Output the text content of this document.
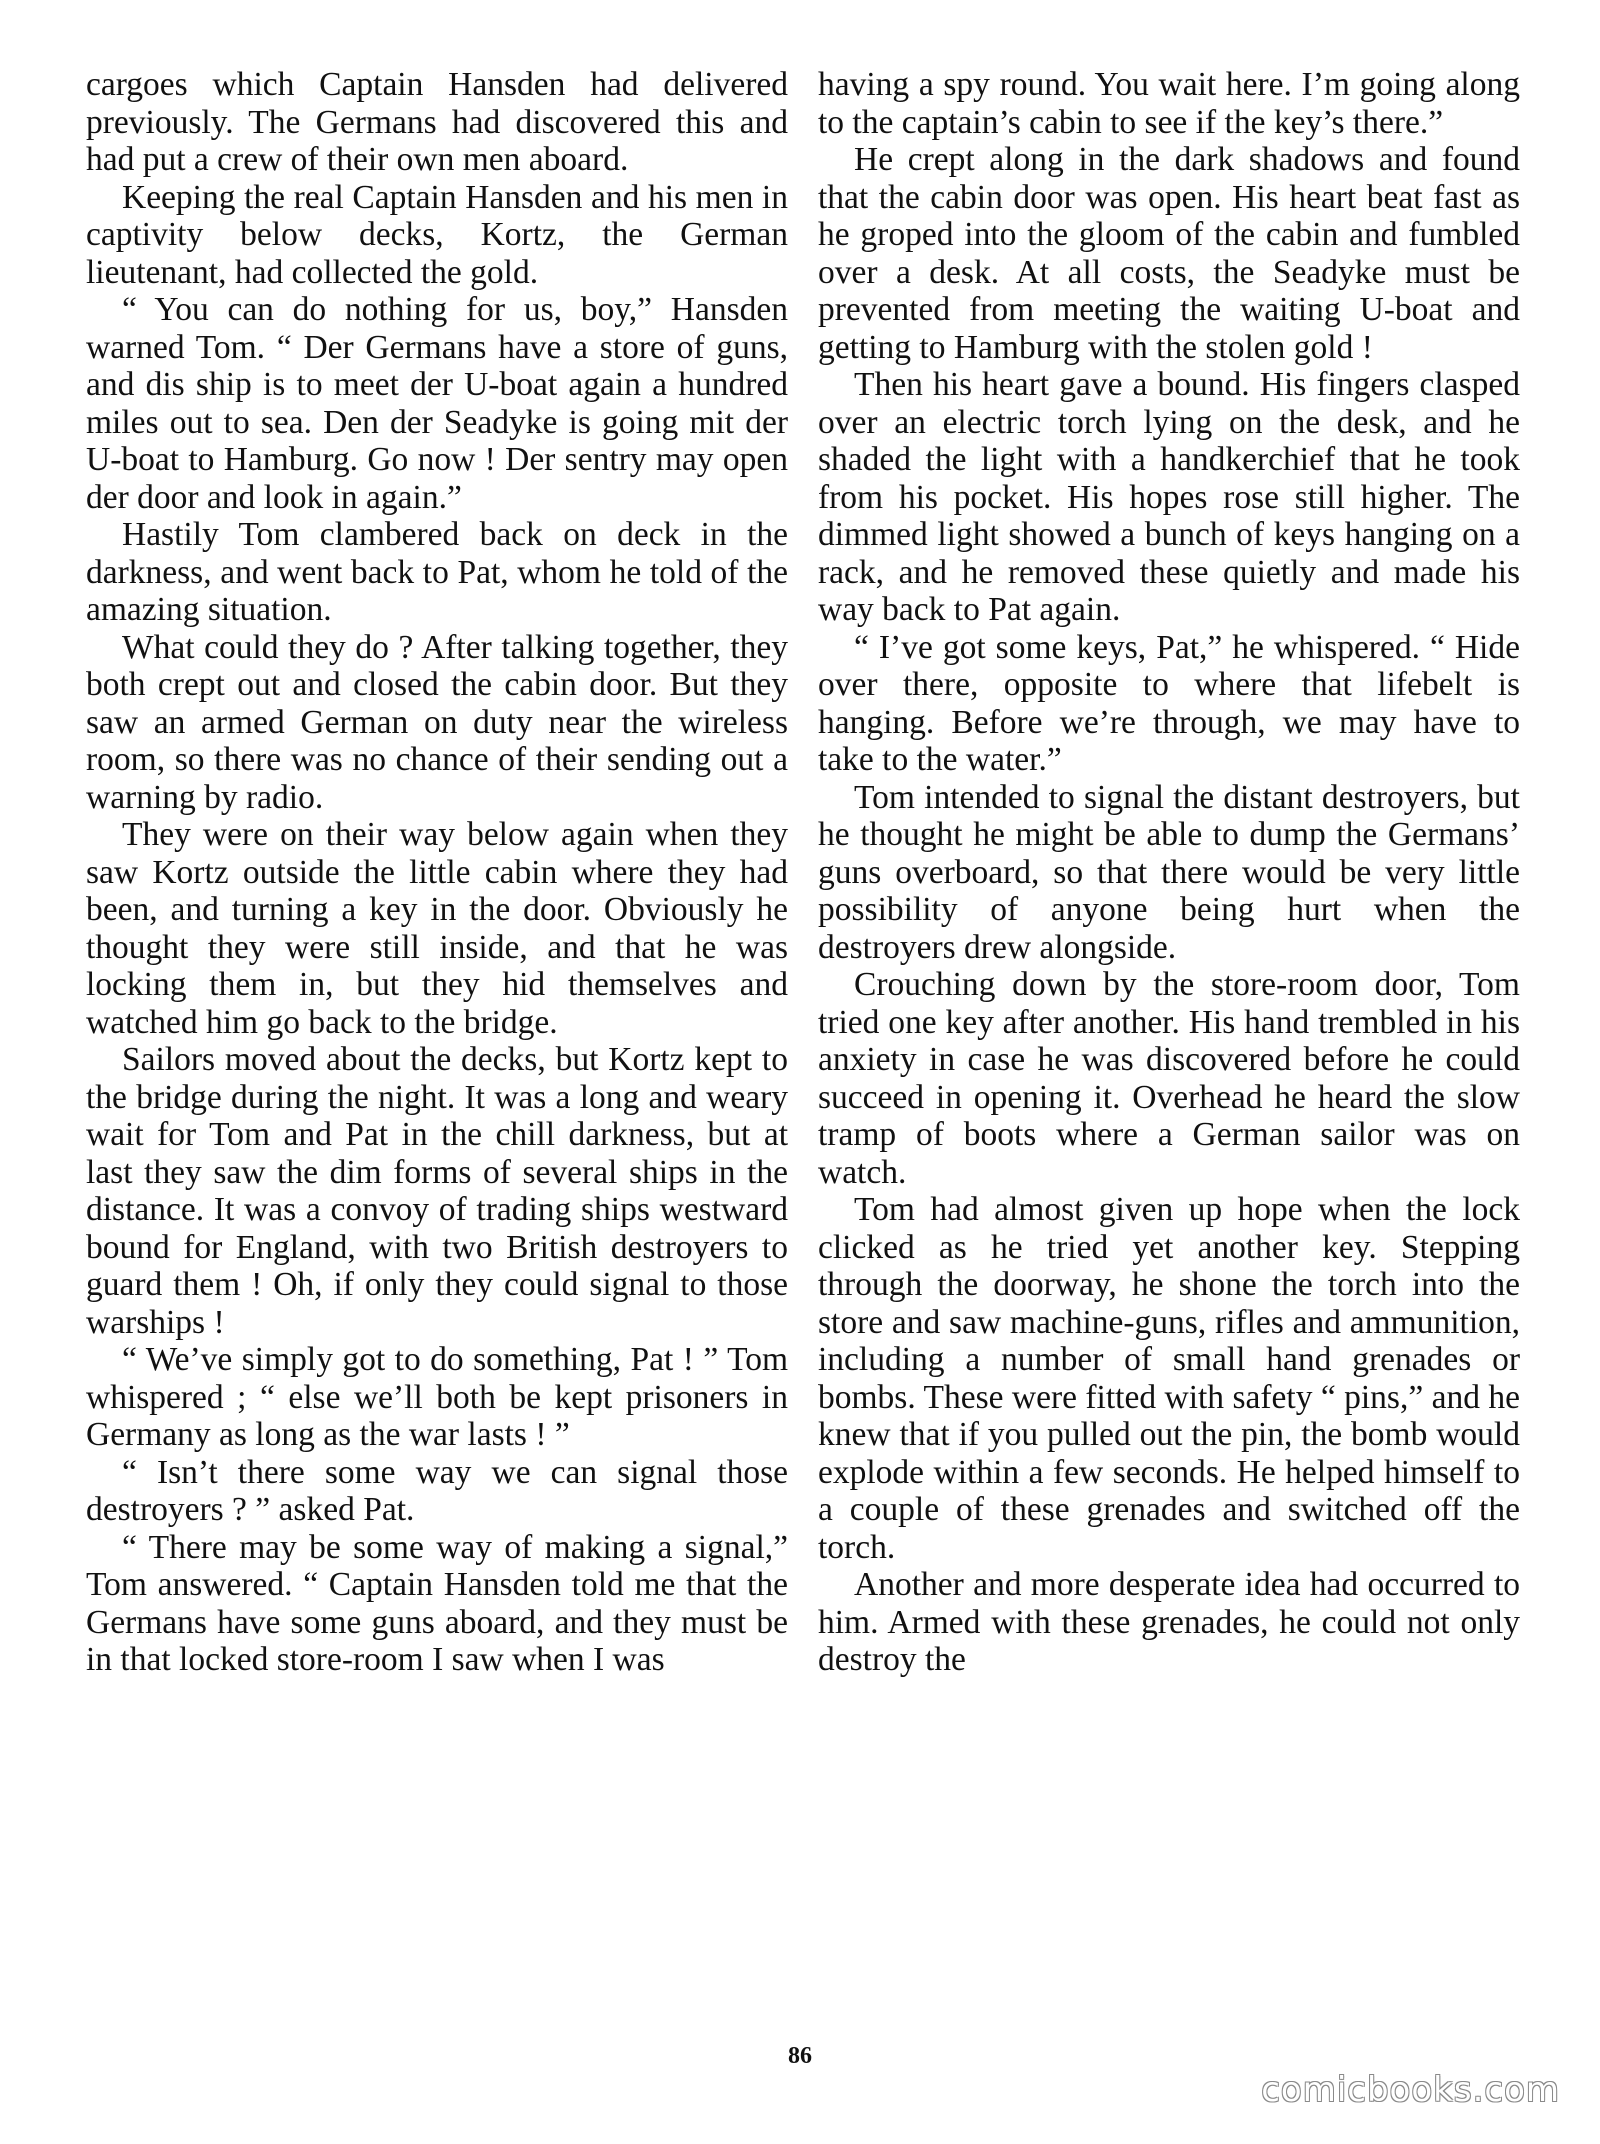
cargoes which Captain Hansden had delivered previously. The Germans had discovered this and had put a crew of their own men aboard.

Keeping the real Captain Hansden and his men in captivity below decks, Kortz, the German lieutenant, had collected the gold.

“ You can do nothing for us, boy,” Hansden warned Tom. “ Der Germans have a store of guns, and dis ship is to meet der U-boat again a hundred miles out to sea. Den der Seadyke is going mit der U-boat to Hamburg. Go now ! Der sentry may open der door and look in again.”

Hastily Tom clambered back on deck in the darkness, and went back to Pat, whom he told of the amazing situation.

What could they do ? After talking together, they both crept out and closed the cabin door. But they saw an armed German on duty near the wireless room, so there was no chance of their sending out a warning by radio.

They were on their way below again when they saw Kortz outside the little cabin where they had been, and turning a key in the door. Obviously he thought they were still inside, and that he was locking them in, but they hid themselves and watched him go back to the bridge.

Sailors moved about the decks, but Kortz kept to the bridge during the night. It was a long and weary wait for Tom and Pat in the chill darkness, but at last they saw the dim forms of several ships in the distance. It was a convoy of trading ships westward bound for England, with two British destroyers to guard them ! Oh, if only they could signal to those warships !

“ We’ve simply got to do something, Pat ! ” Tom whispered ; “ else we’ll both be kept prisoners in Germany as long as the war lasts ! ”

“ Isn’t there some way we can signal those destroyers ? ” asked Pat.

“ There may be some way of making a signal,” Tom answered. “ Captain Hansden told me that the Germans have some guns aboard, and they must be in that locked store-room I saw when I was

having a spy round. You wait here. I’m going along to the captain’s cabin to see if the key’s there.”

He crept along in the dark shadows and found that the cabin door was open. His heart beat fast as he groped into the gloom of the cabin and fumbled over a desk. At all costs, the Seadyke must be prevented from meeting the waiting U-boat and getting to Hamburg with the stolen gold !

Then his heart gave a bound. His fingers clasped over an electric torch lying on the desk, and he shaded the light with a handkerchief that he took from his pocket. His hopes rose still higher. The dimmed light showed a bunch of keys hanging on a rack, and he removed these quietly and made his way back to Pat again.

“ I’ve got some keys, Pat,” he whispered. “ Hide over there, opposite to where that lifebelt is hanging. Before we’re through, we may have to take to the water.”

Tom intended to signal the distant destroyers, but he thought he might be able to dump the Germans’ guns overboard, so that there would be very little possibility of anyone being hurt when the destroyers drew alongside.

Crouching down by the store-room door, Tom tried one key after another. His hand trembled in his anxiety in case he was discovered before he could succeed in opening it. Overhead he heard the slow tramp of boots where a German sailor was on watch.

Tom had almost given up hope when the lock clicked as he tried yet another key. Stepping through the doorway, he shone the torch into the store and saw machine-guns, rifles and ammunition, including a number of small hand grenades or bombs. These were fitted with safety “ pins,” and he knew that if you pulled out the pin, the bomb would explode within a few seconds. He helped himself to a couple of these grenades and switched off the torch.

Another and more desperate idea had occurred to him. Armed with these grenades, he could not only destroy the

86
comicbooks.com
